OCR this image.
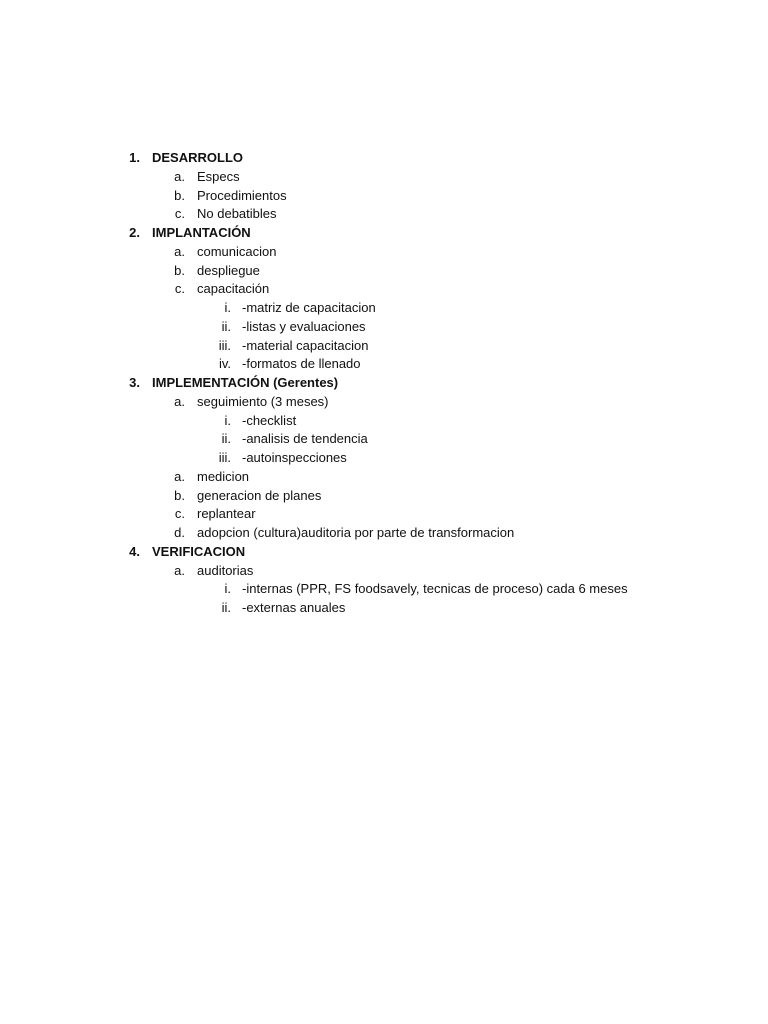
1. DESARROLLO
a. Especs
b. Procedimientos
c. No debatibles
2. IMPLANTACIÓN
a. comunicacion
b. despliegue
c. capacitación
i. -matriz de capacitacion
ii. -listas y evaluaciones
iii. -material capacitacion
iv. -formatos de llenado
3. IMPLEMENTACIÓN (Gerentes)
a. seguimiento (3 meses)
i. -checklist
ii. -analisis de tendencia
iii. -autoinspecciones
a. medicion
b. generacion de planes
c. replantear
d. adopcion (cultura)auditoria por parte de transformacion
4. VERIFICACION
a. auditorias
i. -internas (PPR, FS foodsavely, tecnicas de proceso) cada 6 meses
ii. -externas anuales
